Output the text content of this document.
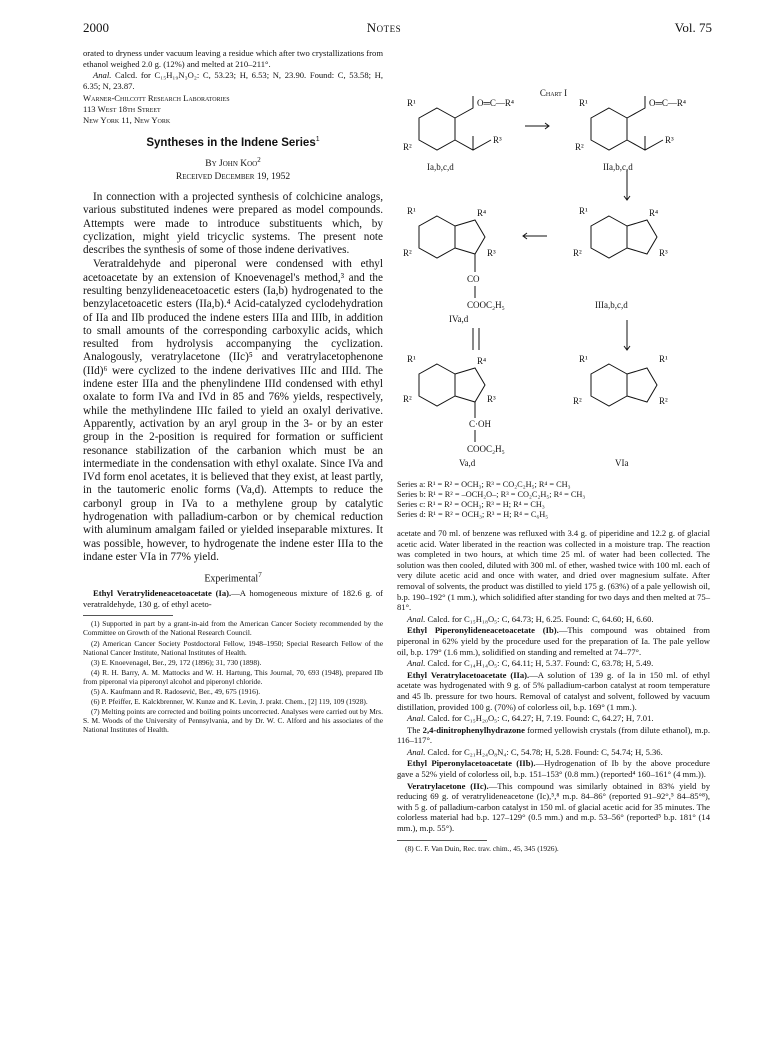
2000	Notes	Vol. 75

orated to dryness under vacuum leaving a residue which after two crystallizations from ethanol weighed 2.0 g. (12%) and melted at 210–211°.

Anal. Calcd. for C₁₅H₁₉N₃O₂: C, 53.23; H, 6.53; N, 23.90. Found: C, 53.58; H, 6.35; N, 23.87.

Warner-Chilcott Research Laboratories
113 West 18th Street
New York 11, New York
Syntheses in the Indene Series$^1$
By John Koo$^2$
Received December 19, 1952

In connection with a projected synthesis of colchicine analogs, various substituted indenes were prepared as model compounds. Attempts were made to introduce substituents which, by cyclization, might yield tricyclic systems. The present note describes the synthesis of some of those indene derivatives.

Veratraldehyde and piperonal were condensed with ethyl acetoacetate by an extension of Knoevenagel's method,³ and the resulting benzylideneacetoacetic esters (Ia,b) hydrogenated to the benzylacetoacetic esters (IIa,b).⁴ Acid-catalyzed cyclodehydration of IIa and IIb produced the indene esters IIIa and IIIb, in addition to small amounts of the corresponding carboxylic acids, which resulted from hydrolysis accompanying the cyclization. Analogously, veratrylacetone (IIc)⁵ and veratrylacetophenone (IId)⁶ were cyclized to the indene derivatives IIIc and IIId. The indene ester IIIa and the phenylindene IIId condensed with ethyl oxalate to form IVa and IVd in 85 and 76% yields, respectively, while the methylindene IIIc failed to yield an oxalyl derivative. Apparently, activation by an aryl group in the 3- or by an ester group in the 2-position is required for formation or sufficient resonance stabilization of the carbanion which must be an intermediate in the condensation with ethyl oxalate. Since IVa and IVd form enol acetates, it is believed that they exist, at least partly, in the tautomeric enolic forms (Va,d). Attempts to reduce the carbonyl group in IVa to a methylene group by catalytic hydrogenation with palladium-carbon or by chemical reduction with aluminum amalgam failed or yielded inseparable mixtures. It was possible, however, to hydrogenate the indene ester IIIa to the indane ester VIa in 77% yield.

Experimental$^7$

Ethyl Veratrylideneacetoacetate (Ia).—A homogeneous mixture of 182.6 g. of veratraldehyde, 130 g. of ethyl aceto-

(1) Supported in part by a grant-in-aid from the American Cancer Society recommended by the Committee on Growth of the National Research Council.

(2) American Cancer Society Postdoctoral Fellow, 1948–1950; Special Research Fellow of the National Cancer Institute, National Institutes of Health.

(3) E. Knoevenagel, Ber., 29, 172 (1896); 31, 730 (1898).

(4) R. H. Barry, A. M. Mattocks and W. H. Hartung, This Journal, 70, 693 (1948), prepared IIb from piperonal via piperonyl alcohol and piperonyl chloride.

(5) A. Kaufmann and R. Radosević, Ber., 49, 675 (1916).

(6) P. Pfeiffer, E. Kalckbrenner, W. Kunze and K. Levin, J. prakt. Chem., [2] 119, 109 (1928).

(7) Melting points are corrected and boiling points uncorrected. Analyses were carried out by Mrs. S. M. Woods of the University of Pennsylvania, and by Dr. W. C. Alford and his associates of the National Institutes of Health.

Chart I
R¹	O═C—R⁴
R³
R²
Ia,b,c,d
R¹	O═C—R⁴
R³
R²
IIa,b,c,d
R¹	R⁴
R³
R²
CO
COOC₂H₅
IVa,d
R¹	R⁴
R³
R²
IIIa,b,c,d
R¹	R⁴
R³
R²
C·OH
COOC₂H₅
Va,d
R¹	R¹
R²	R²
VIa
Series a: R¹ = R² = OCH₃; R³ = CO₂C₂H₅; R⁴ = CH₃
Series b: R¹ = R² = –OCH₂O–; R³ = CO₂C₂H₅; R⁴ = CH₃
Series c: R¹ = R² = OCH₃; R³ = H; R⁴ = CH₃
Series d: R¹ = R² = OCH₃; R³ = H; R⁴ = C₆H₅

acetate and 70 ml. of benzene was refluxed with 3.4 g. of piperidine and 12.2 g. of glacial acetic acid. Water liberated in the reaction was collected in a moisture trap. The reaction was completed in two hours, at which time 25 ml. of water had been collected. The solution was then cooled, diluted with 300 ml. of ether, washed twice with 100 ml. each of very dilute acetic acid and once with water, and dried over magnesium sulfate. After removal of solvents, the product was distilled to yield 175 g. (63%) of a pale yellowish oil, b.p. 190–192° (1 mm.), which solidified after standing for two days and then melted at 75–81°.

Anal. Calcd. for C₁₅H₁₈O₅: C, 64.73; H, 6.25. Found: C, 64.60; H, 6.60.

Ethyl Piperonylideneacetoacetate (Ib).—This compound was obtained from piperonal in 62% yield by the procedure used for the preparation of Ia. The pale yellow oil, b.p. 179° (1.6 mm.), solidified on standing and remelted at 74–77°.

Anal. Calcd. for C₁₄H₁₄O₅: C, 64.11; H, 5.37. Found: C, 63.78; H, 5.49.

Ethyl Veratrylacetoacetate (IIa).—A solution of 139 g. of Ia in 150 ml. of ethyl acetate was hydrogenated with 9 g. of 5% palladium-carbon catalyst at room temperature and 45 lb. pressure for two hours. Removal of catalyst and solvent, followed by vacuum distillation, provided 100 g. (70%) of colorless oil, b.p. 169° (1 mm.).

Anal. Calcd. for C₁₅H₂₀O₅: C, 64.27; H, 7.19. Found: C, 64.27; H, 7.01.

The 2,4-dinitrophenylhydrazone formed yellowish crystals (from dilute ethanol), m.p. 116–117°.

Anal. Calcd. for C₂₁H₂₄O₈N₄: C, 54.78; H, 5.28. Found: C, 54.74; H, 5.36.

Ethyl Piperonylacetoacetate (IIb).—Hydrogenation of Ib by the above procedure gave a 52% yield of colorless oil, b.p. 151–153° (0.8 mm.) (reported⁴ 160–161° (4 mm.)).

Veratrylacetone (IIc).—This compound was similarly obtained in 83% yield by reducing 69 g. of veratrylideneacetone (Ic),⁵,⁸ m.p. 84–86° (reported 91–92°,⁵ 84–85°⁸), with 5 g. of palladium-carbon catalyst in 150 ml. of glacial acetic acid for 35 minutes. The colorless material had b.p. 127–129° (0.5 mm.) and m.p. 53–56° (reported⁵ b.p. 181° (14 mm.), m.p. 55°).

(8) C. F. Van Duin, Rec. trav. chim., 45, 345 (1926).
